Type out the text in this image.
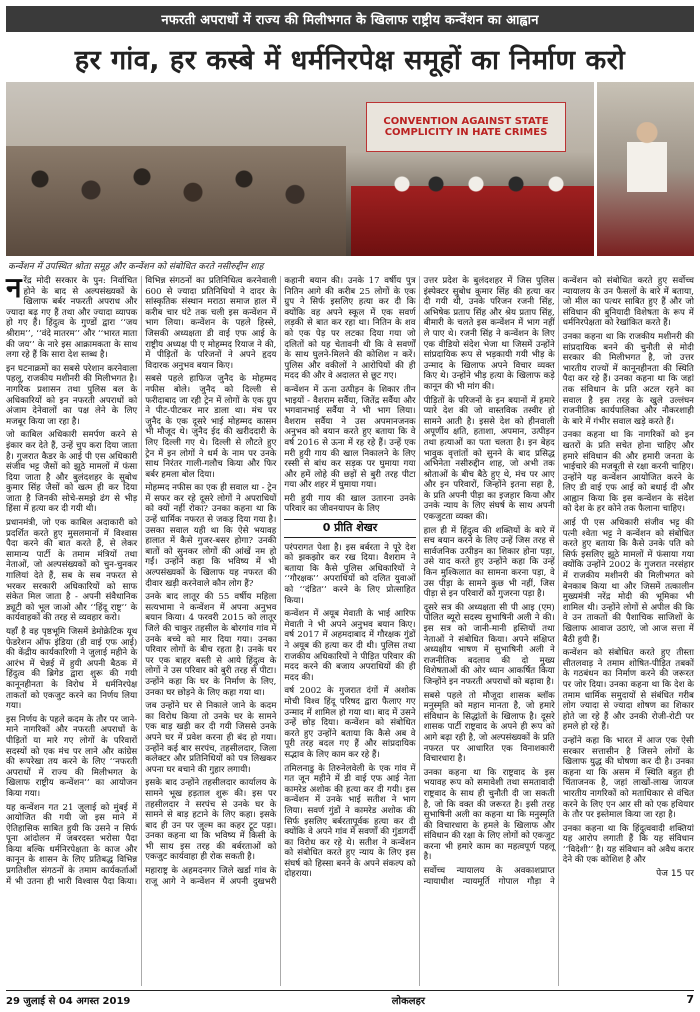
नफरती अपराधों में राज्य की मिलीभगत के खिलाफ राष्ट्रीय कन्वेंशन का आह्वान
हर गांव, हर कस्बे में धर्मनिरपेक्ष समूहों का निर्माण करो
CONVENTION AGAINST STATE COMPLICITY IN HATE CRIMES
कन्वेंशन में उपस्थित श्रोता समूह और कन्वेंशन को संबोधित करते नसीरुद्दीन शाह

नरेंद्र मोदी सरकार के पुन: निर्वाचित होने के बाद से अल्पसंख्यकों के खिलाफ बर्बर नफरती अपराध और ज्यादा बढ़ गए हैं तथा और ज्यादा व्यापक हो गए हैं। हिंदुत्व के गुण्डों द्वारा ‘‘जय श्रीराम’’, ‘‘वंदे मातरम’’ और ‘‘भारत माता की जय’’ के नारे इस आक्रामकता के साथ लगा रहे हैं कि सारा देश स्तब्ध है।

इन घटनाक्रमों का सबसे परेशान करनेवाला पहलू, राजकीय मशीनरी की मिलीभगत है। नागरिक प्रशासन तथा पुलिस बल के अधिकारियों को इन नफरती अपराधों को अंजाम देनेवालों का पक्ष लेने के लिए मजबूर किया जा रहा है।

जो काबिल अधिकारी समर्पण करने से इंकार कर देते हैं, उन्हें चुप करा दिया जाता है। गुजरात कैडर के आई पी एस अधिकारी संजीव भट्ट जैसों को झूठे मामलों में फंसा दिया जाता है और बुलंदशहर के सुबोध कुमार सिंह जैसों को खत्म ही कर दिया जाता है जिनकी सोचे-समझे ढंग से भीड़ हिंसा में हत्या कर दी गयी थी।

प्रधानमंत्री, जो एक काबिल अदाकारी को प्रदर्शित करते हुए मुसलमानों में विश्वास पैदा करने की बात करते हैं, से लेकर सामान्य पार्टी के तमाम मंत्रियों तथा नेताओं, जो अल्पसंख्यकों को चुन-चुनकर गालियां देते हैं, सब के सब नफरत से भरकर सरकारी अधिकारियों को साफ संकेत मिल जाता है - अपनी संवैधानिक ड्यूटी को भूल जाओ और ‘‘हिंदू राष्ट्र’’ के कार्यवाहकों की तरह से व्यवहार करो।

यहाँ है वह पृष्ठभूमि जिसमें डेमोक्रेटिक यूथ फेडरेशन ऑफ इंडिया (डी वाई एफ आई) की केंद्रीय कार्यकारिणी ने जुलाई महीने के आरंभ में चेन्नई में हुयी अपनी बैठक में हिंदुत्व की ब्रिगेड द्वारा शुरू की गयी कानूनहीनता के विरोध में धर्मनिरपेक्ष ताकतों को एकजुट करने का निर्णय लिया गया।

इस निर्णय के पहले कदम के तौर पर जाने-माने नागरिकों और नफरती अपराधों के पीड़ितों या मारे गए लोगों के परिवारों सदस्यों को एक मंच पर लाने और कांग्रेस की रूपरेखा तय करने के लिए ‘‘नफरती अपराधों में राज्य की मिलीभगत के खिलाफ राष्ट्रीय कन्वेंशन’’ का आयोजन किया गया।

यह कन्वेंशन गत 21 जुलाई को मुंबई में आयोजित की गयी जो इस माने में ऐतिहासिक साबित हुयी कि उसने न सिर्फ पूना आंदोलन में जबरदस्त भरोसा पैदा किया बल्कि धर्मनिरपेक्षता के काज और कानून के शासन के लिए प्रतिबद्ध विभिन्न प्रगतिशील संगठनों के तमाम कार्यकर्ताओं में भी उतना ही भारी विश्वास पैदा किया। विभिन्न संगठनों का प्रतिनिधित्व करनेवाली 600 से ज्यादा प्रतिनिधियों ने दादर के सांस्कृतिक संस्थान मराठा समाज हाल में करीब चार घंटे तक चली इस कन्वेंशन में भाग लिया। कन्वेंशन के पहले हिस्से, जिसकी अध्यक्षता डी वाई एफ आई के राष्ट्रीय अध्यक्ष पी ए मोहम्मद रियाज ने की, में पीड़ितों के परिजनों ने अपने हृदय विदारक अनुभव बयान किए।

सबसे पहले हाफिज जुनैद के मोहम्मद नफीस बोले। जुनैद को दिल्ली से फरीदाबाद जा रही ट्रेन में लोगों के एक ग्रुप ने पीट-पीटकर मार डाला था। मंच पर जुनैद के एक दूसरे भाई मोहम्मद कासम भी मौजूद थे। जुनैद ईद की खरीददारी के लिए दिल्ली गए थे। दिल्ली से लौटते हुए ट्रेन में इन लोगों ने धर्म के नाम पर उनके साथ निरंतर गाली-गलौच किया और फिर बर्बर हमला बोल दिया।

मोहम्मद नफीस का एक ही सवाल था - ट्रेन में सफर कर रहे दूसरे लोगों ने अपराधियों को क्यों नहीं रोका? उनका कहना था कि उन्हें धार्मिक नफरत से जकड़ दिया गया है। उसका सवाल यही था कि ऐसे भयावह हालात में कैसे गुजर-बसर होगा? उनकी बातों को सुनकर लोगों की आंखें नम हो गईं। उन्होंने कहा कि भविष्य में भी अल्पसंख्यकों के खिलाफ यह नफरत की दीवार खड़ी करनेवाले कौन लोग हैं?

उनके बाद लातूर की 55 वर्षीय महिला सत्यभामा ने कन्वेंशन में अपना अनुभव बयान किया। 4 फरवरी 2015 को लातूर जिले की चाकुर तहसील के बोरगांव गांव में उनके बच्चे को मार दिया गया। उनका परिवार लोगों के बीच रहता है। उनके घर पर एक बाहर बस्ती से आये हिंदुत्व के लोगों ने उस परिवार को बुरी तरह से पीटा। उन्होंने कहा कि घर के निर्माण के लिए, उनका घर छोड़ने के लिए कहा गया था।

जब उन्होंने घर से निकाले जाने के कदम का विरोध किया तो उनके घर के सामने एक बाड़ खड़ी कर दी गयी जिससे उनके अपने घर में प्रवेश करना ही बंद हो गया। उन्होंने कई बार सरपंच, तहसीलदार, जिला कलेक्टर और प्रतिनिधियों को पत्र लिखकर अपना घर बचाने की गुहार लगायी।

इसके बाद उन्होंने तहसीलदार कार्यालय के सामने भूख हड़ताल शुरू की। इस पर तहसीलदार ने सरपंच से उनके घर के सामने से बाड़ हटाने के लिए कहा। इसके बाद ही उन पर जुल्म का कहर टूट पड़ा। उनका कहना था कि भविष्य में किसी के भी साथ इस तरह की बर्बरताओं को एकजुट कार्यवाहा ही रोक सकती है।

महाराष्ट्र के अहमदनगर जिले खर्डा गांव के राजू आगे ने कन्वेंशन में अपनी दुखभरी कहानी बयान की। उनके 17 वर्षीय पुत्र नितिन आगे की करीब 25 लोगों के एक ग्रुप ने सिर्फ इसलिए हत्या कर दी कि क्योंकि वह अपने स्कूल में एक सवर्ण लड़की से बात कर रहा था। नितिन के शव को एक पेड़ पर लटका दिया गया जो दलितों को यह चेतावनी थी कि वे सवर्णों के साथ घुलने-मिलने की कोशिश न करें। पुलिस और वकीलों ने आरोपियों की ही मदद की और वे अदालत से छूट गए।

कन्वेंशन में ऊना उत्पीड़न के शिकार तीन भाइयों - वैशराम सर्वैया, जितेंद्र सर्वैया और भगवानभाई सर्वैया ने भी भाग लिया। वैशराम सर्वैया ने उस अपमानजनक अनुभव को बयान करते हुए बताया कि वे वर्ष 2016 से ऊना में रह रहे हैं। उन्हें एक मरी हुयी गाय की खाल निकालने के लिए रस्सी से बांध कर सड़क पर घुमाया गया और हमें लोहे की छड़ों से बुरी तरह पीटा गया और शहर में घुमाया गया।

मरी हुयी गाय की खाल उतारना उनके परिवार का जीवनयापन के लिए

0 प्रीति शेखर

परंपरागत पेशा है। इस बर्बरता ने पूरे देश को झकझोर कर रख दिया। वैशराम ने बताया कि कैसे पुलिस अधिकारियों ने ‘‘गौरक्षक’’ अपराधियों को दलित युवाओं को ‘‘दंडित’’ करने के लिए प्रोत्साहित किया।

कन्वेंशन में अयूब मेवाती के भाई आरिफ मेवाती ने भी अपने अनुभव बयान किए। वर्ष 2017 में अहमदाबाद में गौरक्षक गुंडों ने अयूब की हत्या कर दी थी। पुलिस तथा राजकीय अधिकारियों ने पीड़ित परिवार की मदद करने की बजाय अपराधियों की ही मदद की।

वर्ष 2002 के गुजरात दंगों में अशोक मोची विश्व हिंदू परिषद द्वारा फैलाए गए उन्माद में शामिल हो गया था। बाद में उसने उन्हें छोड़ दिया। कन्वेंशन को संबोधित करते हुए उन्होंने बताया कि कैसे अब वे पूरी तरह बदल गए हैं और सांप्रदायिक सद्भाव के लिए काम कर रहे हैं।

तमिलनाडु के तिरुनेलवेली के एक गांव में गत जून महीने में डी वाई एफ आई नेता कामरेड अशोक की हत्या कर दी गयी। इस कन्वेंशन में उनके भाई सतीश ने भाग लिया। सवर्ण गुंडों ने कामरेड अशोक की सिर्फ इसलिए बर्बरतापूर्वक हत्या कर दी क्योंकि वे अपने गांव में सवर्णों की गुंडागर्दी का विरोध कर रहे थे। सतीश ने कन्वेंशन को संबोधित करते हुए न्याय के लिए इस संघर्ष को हिस्सा बनने के अपने संकल्प को दोहराया।

उत्तर प्रदेश के बुलंदशहर में जिस पुलिस इंस्पेक्टर सुबोध कुमार सिंह की हत्या कर दी गयी थी, उनके परिजन रजनी सिंह, अभिषेक प्रताप सिंह और श्रेय प्रताप सिंह, बीमारी के चलते इस कन्वेंशन में भाग नहीं ले पाए थे। रजनी सिंह ने कन्वेंशन के लिए एक वीडियो संदेश भेजा था जिसमें उन्होंने सांप्रदायिक रूप से भड़कायी गयी भीड़ के उन्माद के खिलाफ अपने विचार व्यक्त किए थे। उन्होंने भीड़ हत्या के खिलाफ कड़े कानून की भी मांग की।

पीड़ितों के परिजनों के इन बयानों में हमारे प्यारे देश की जो वास्तविक तस्वीर हो सामने आती है। इससे देश को हीनवाली अपूर्णीय क्षति, हताशा, अपमान, उत्पीड़न तथा हत्याओं का पता चलता है। इन बेहद भावुक वृत्तांतों को सुनने के बाद प्रसिद्ध अभिनेता नसीरुद्दीन शाह, जो अभी तक श्रोताओं के बीच बैठे हुए थे, मंच पर आए और इन परिवारों, जिन्होंने इतना सहा है, के प्रति अपनी पीड़ा का इजहार किया और उनके न्याय के लिए संघर्ष के साथ अपनी एकजुटता व्यक्त की।

हाल ही में हिंदुत्व की शक्तियों के बारे में सच बयान करने के लिए उन्हें जिस तरह से सार्वजनिक उत्पीड़न का शिकार होना पड़ा, उसे याद करते हुए उन्होंने कहा कि उन्हें किन मुश्किलात का सामना करना पड़ा, वे उस पीड़ा के सामने कुछ भी नहीं, जिस पीड़ा से इन परिवारों को गुजरना पड़ा है।

दूसरे सत्र की अध्यक्षता सी पी आइ (एम) पोलित ब्यूरो सदस्य सुभाषिनी अली ने की। इस सत्र को जानी-मानी हस्तियों तथा नेताओं ने संबोधित किया। अपने संक्षिप्त अध्यक्षीय भाषण में सुभाषिनी अली ने राजनीतिक बदलाव की दो मुख्य विशेषताओं की ओर ध्यान आकर्षित किया जिन्होंने इन नफरती अपराधों को बढ़ावा है।

सबसे पहले तो मौजूदा शासक ब्लॉक मनुस्मृति को महान मानता है, जो हमारे संविधान के सिद्धांतों के खिलाफ है। दूसरे शासक पार्टी राष्ट्रवाद के अपने ही रूप को आगे बढ़ा रही है, जो अल्पसंख्यकों के प्रति नफरत पर आधारित एक विनाशकारी विचारधारा है।

उनका कहना था कि राष्ट्रवाद के इस भयावह रूप को समावेशी तथा समतावादी राष्ट्रवाद के साथ ही चुनौती दी जा सकती है, जो कि वक्त की जरूरत है। इसी तरह सुभाषिनी अली का कहना था कि मनुस्मृति की विचारधारा के हमले के खिलाफ और संविधान की रक्षा के लिए लोगों को एकजुट करना भी हमारे काम का महत्वपूर्ण पहलू है।

सर्वोच्च न्यायालय के अवकाशप्राप्त न्यायाधीश न्यायमूर्ति गोपाल गौड़ा ने कन्वेंशन को संबोधित करते हुए सर्वोच्च न्यायालय के उन फैसलों के बारे में बताया, जो मील का पत्थर साबित हुए हैं और जो संविधान की बुनियादी विशेषता के रूप में धर्मनिरपेक्षता को रेखांकित करते हैं।

उनका कहना था कि राजकीय मशीनरी की सांप्रदायिक बनने की चुनौती से मोदी सरकार की मिलीभगत है, जो उत्तर भारतीय राज्यों में कानूनहीनता की स्थिति पैदा कर रहे हैं। उनका कहना था कि जहां तक संविधान के प्रति अटल रहने का सवाल है इस तरह के खुले उल्लंघन राजनीतिक कार्यपालिका और नौकरशाही के बारे में गंभीर सवाल खड़े करते हैं।

उनका कहना था कि नागरिकों को इन खतरों के प्रति सचेत होना चाहिए और हमारे संविधान की और हमारी जनता के भाईचारे की मजबूती से रक्षा करनी चाहिए। उन्होंने यह कन्वेंशन आयोजित करने के लिए डी वाई एफ आई को बधाई दी और आह्वान किया कि इस कन्वेंशन के संदेश को देश के हर कोने तक फैलाना चाहिए।

आई पी एस अधिकारी संजीव भट्ट की पत्नी श्वेता भट्ट ने कन्वेंशन को संबोधित करते हुए बताया कि कैसे उनके पति को सिर्फ इसलिए झूठे मामलों में फंसाया गया क्योंकि उन्होंने 2002 के गुजरात नरसंहार में राजकीय मशीनरी की मिलीभगत को बेनकाब किया था और जिसमें तत्कालीन मुख्यमंत्री नरेंद्र मोदी की भूमिका भी शामिल थी। उन्होंने लोगों से अपील की कि वे उन ताकतों की पैशाचिक साजिशों के खिलाफ आवाज उठाएं, जो आज सत्ता में बैठी हुयी हैं।

कन्वेंशन को संबोधित करते हुए तीस्ता सीतलवाड़ ने तमाम शोषित-पीड़ित तबकों के गठबंधन का निर्माण करने की जरूरत पर जोर दिया। उनका कहना था कि देश के तमाम धार्मिक समुदायों से संबंधित गरीब लोग ज्यादा से ज्यादा शोषण का शिकार होते जा रहे हैं और उनकी रोजी-रोटी पर हमले हो रहे हैं।

उन्होंने कहा कि भारत में आज एक ऐसी सरकार सत्तासीन है जिसने लोगों के खिलाफ युद्ध की घोषणा कर दी है। उनका कहना था कि असम में स्थिति बहुत ही चिंताजनक है, जहां लाखों-लाख जायज भारतीय नागरिकों को मताधिकार से वंचित करने के लिए एन आर सी को एक हथियार के तौर पर इस्तेमाल किया जा रहा है।

उनका कहना था कि हिंदुत्ववादी शक्तियां यह आरोप लगाती हैं कि यह संविधान ‘‘विदेशी’’ है। यह संविधान को अवैध करार देने की एक कोशिश है और

पेज 15 पर
29 जुलाई से 04 अगस्त 2019	लोकलहर	7
